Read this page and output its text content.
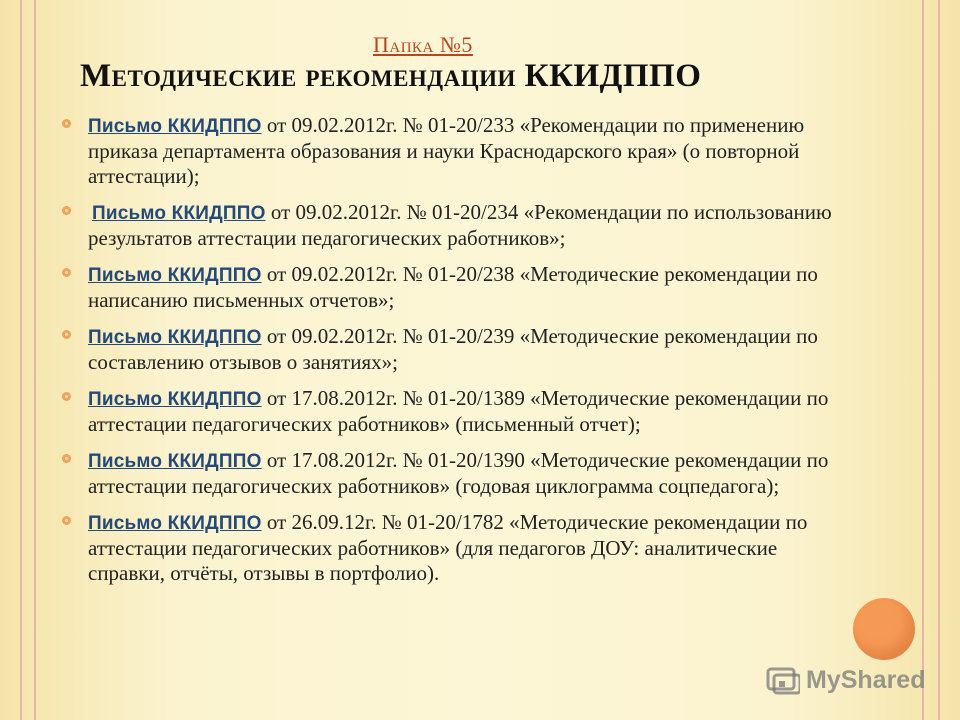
Папка №5
Методические рекомендации ККИДППО
Письмо ККИДППО от 09.02.2012г. № 01-20/233 «Рекомендации по применению приказа департамента образования и науки Краснодарского края» (о повторной аттестации);
Письмо ККИДППО от 09.02.2012г. № 01-20/234 «Рекомендации по использованию результатов аттестации педагогических работников»;
Письмо ККИДППО от 09.02.2012г. № 01-20/238 «Методические рекомендации по написанию письменных отчетов»;
Письмо ККИДППО от 09.02.2012г. № 01-20/239 «Методические рекомендации по составлению отзывов о занятиях»;
Письмо ККИДППО от 17.08.2012г. № 01-20/1389 «Методические рекомендации по аттестации педагогических работников» (письменный отчет);
Письмо ККИДППО от 17.08.2012г. № 01-20/1390 «Методические рекомендации по аттестации педагогических работников» (годовая циклограмма соцпедагога);
Письмо ККИДППО от 26.09.12г. № 01-20/1782 «Методические рекомендации по аттестации педагогических работников» (для педагогов ДОУ: аналитические справки, отчёты, отзывы в портфолио).
MyShared
